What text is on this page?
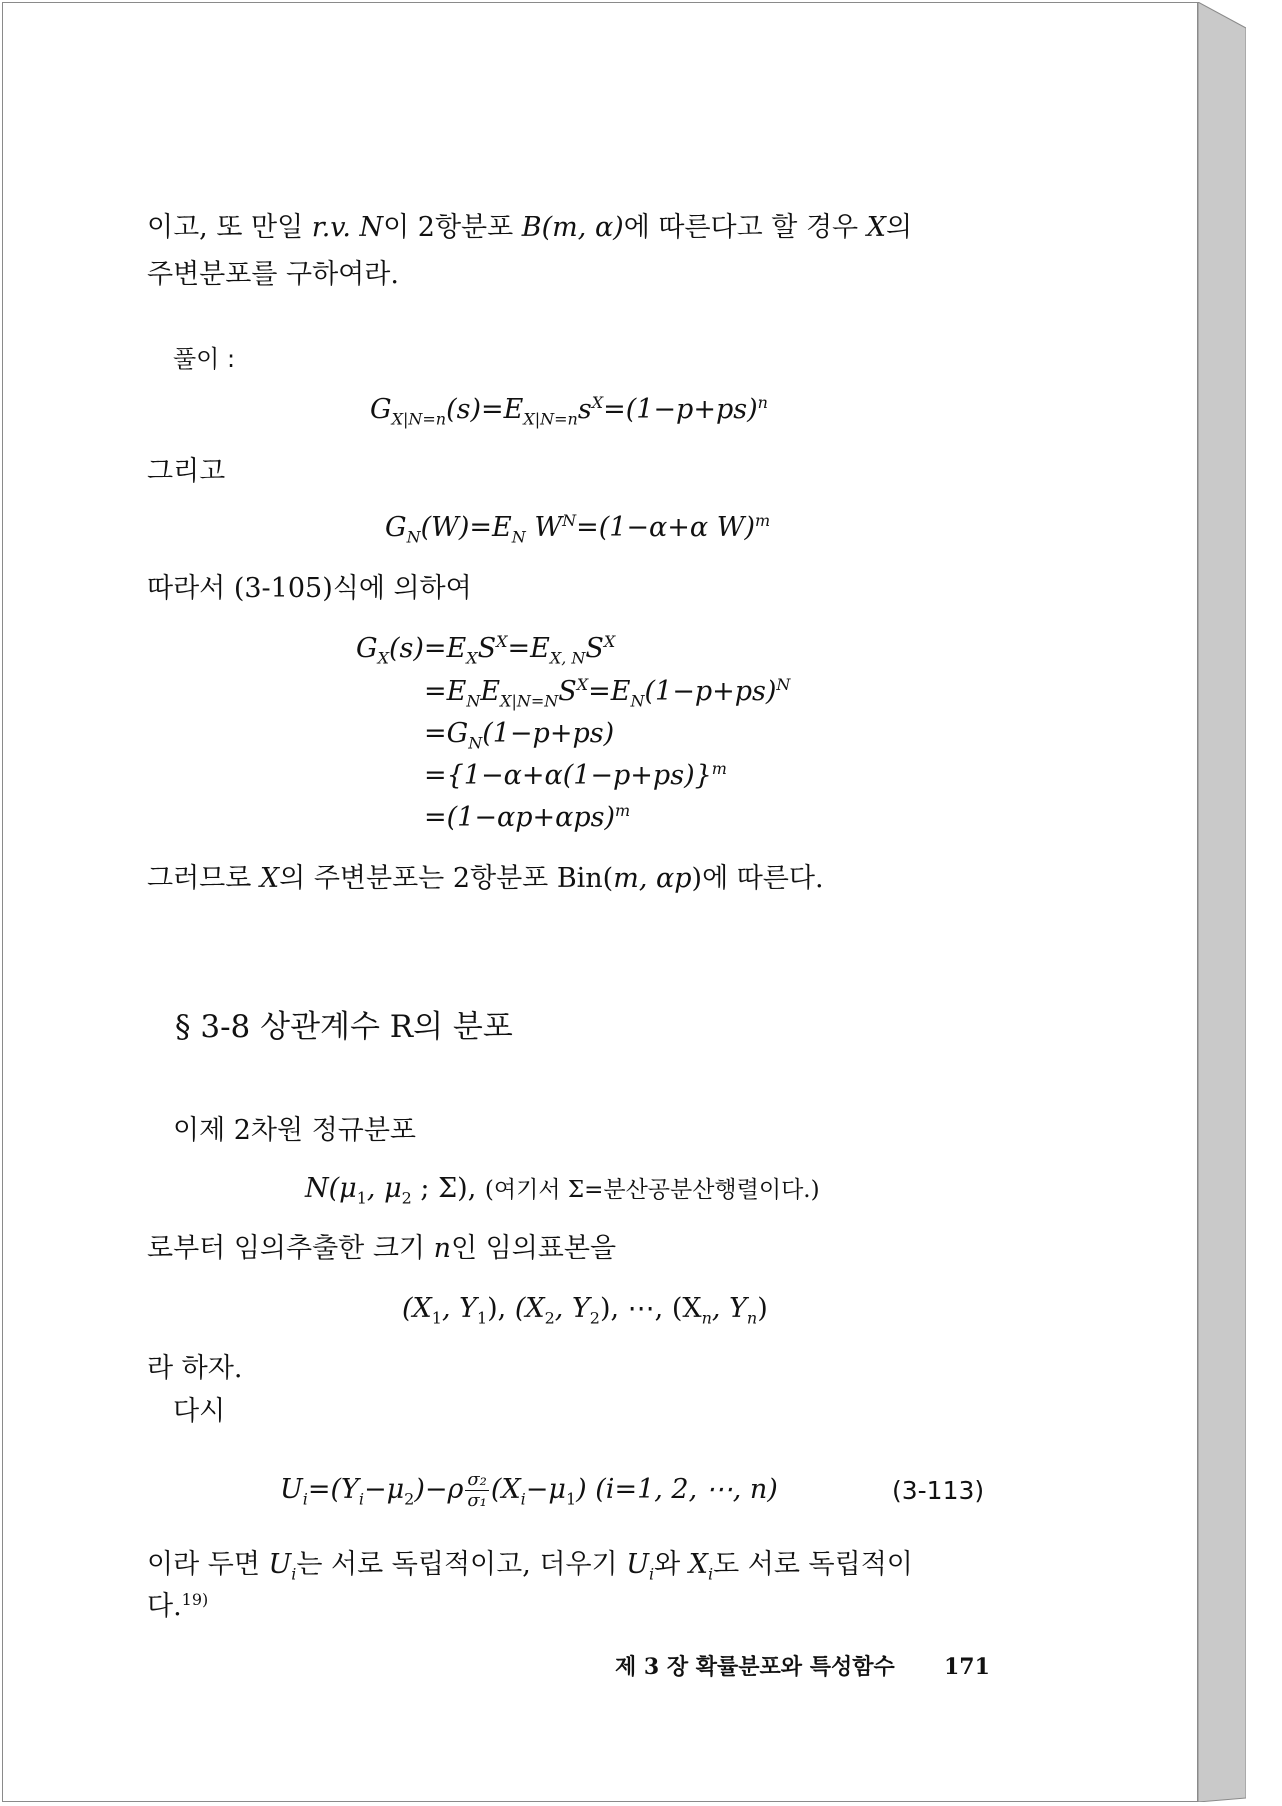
이고, 또 만일 r.v. N이 2항분포 B(m, α)에 따른다고 할 경우 X의
주변분포를 구하여라.
풀이 :
$G_{X|N=n}(s)=E_{X|N=n}s^X=(1-p+ps)^n$
그리고
$G_N(W)=E_N$ $W^N=(1-\alpha+\alpha$ W)$^m$
따라서 (3-105)식에 의하여
$G_X(s)=E_XS^X=E_{X, N}S^X$
$=E_NE_{X|N=N}S^X=E_N(1-p+ps)^N$
$=G_N(1-p+ps)$
$=\{1-\alpha+\alpha(1-p+ps)\}^m$
$=(1-\alpha p+\alpha ps)^m$
그러므로 X의 주변분포는 2항분포 Bin(m, αp)에 따른다.
§ 3-8 상관계수 R의 분포
이제 2차원 정규분포
$N(\mu_1$, $\mu_2$ ; Σ), (여기서 Σ=분산공분산행렬이다.)
로부터 임의추출한 크기 n인 임의표본을
($X_1$, $Y_1$), ($X_2$, $Y_2$), ⋯, ($X_n$, $Y_n$)
라 하자.
다시
$U_i=(Y_i-\mu_2)-\rho \frac{\text{σ₂}}{\text{σ₁}} (X_i-\mu_1)$ (i=1, 2, ⋯, n)	(3-113)
이라 두면 $U_i$는 서로 독립적이고, 더우기 $U_i$와 $X_i$도 서로 독립적이
다.$^{19)}$
제 3 장 확률분포와 특성함수 171
